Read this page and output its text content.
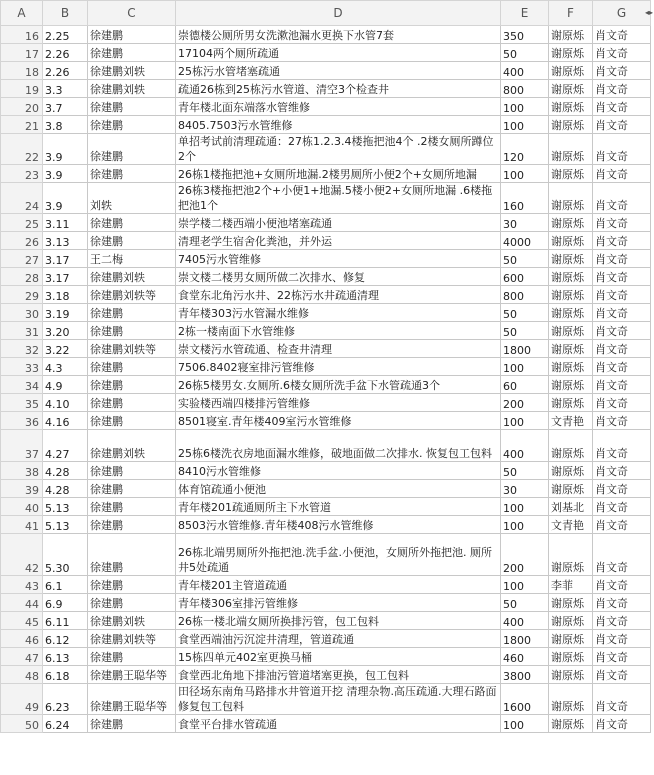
A	B	C	D	E	F	G
16	2.25	徐建鹏	崇德楼公厕所男女洗漱池漏水更换下水管7套	350	谢原烁	肖文奇
17	2.26	徐建鹏	17104两个厕所疏通	50	谢原烁	肖文奇
18	2.26	徐建鹏刘轶	25栋污水管堵塞疏通	400	谢原烁	肖文奇
19	3.3	徐建鹏刘轶	疏通26栋到25栋污水管道、清空3个检查井	800	谢原烁	肖文奇
20	3.7	徐建鹏	青年楼北面东端落水管维修	100	谢原烁	肖文奇
21	3.8	徐建鹏	8405.7503污水管维修	100	谢原烁	肖文奇
22	3.9	徐建鹏	单招考试前清理疏通：27栋1.2.3.4楼拖把池4个 .2楼女厕所蹲位2个	120	谢原烁	肖文奇
23	3.9	徐建鹏	26栋1楼拖把池+女厕所地漏.2楼男厕所小便2个+女厕所地漏	100	谢原烁	肖文奇
24	3.9	刘轶	26栋3楼拖把池2个+小便1+地漏.5楼小便2+女厕所地漏 .6楼拖把池1个	160	谢原烁	肖文奇
25	3.11	徐建鹏	崇学楼二楼西端小便池堵塞疏通	30	谢原烁	肖文奇
26	3.13	徐建鹏	清理老学生宿舍化粪池，并外运	4000	谢原烁	肖文奇
27	3.17	王二梅	7405污水管维修	50	谢原烁	肖文奇
28	3.17	徐建鹏刘轶	崇文楼二楼男女厕所做二次排水、修复	600	谢原烁	肖文奇
29	3.18	徐建鹏刘轶等	食堂东北角污水井、22栋污水井疏通清理	800	谢原烁	肖文奇
30	3.19	徐建鹏	青年楼303污水管漏水维修	50	谢原烁	肖文奇
31	3.20	徐建鹏	2栋一楼南面下水管维修	50	谢原烁	肖文奇
32	3.22	徐建鹏刘轶等	崇文楼污水管疏通、检查井清理	1800	谢原烁	肖文奇
33	4.3	徐建鹏	7506.8402寝室排污管维修	100	谢原烁	肖文奇
34	4.9	徐建鹏	26栋5楼男女.女厕所.6楼女厕所洗手盆下水管疏通3个	60	谢原烁	肖文奇
35	4.10	徐建鹏	实验楼西端四楼排污管维修	200	谢原烁	肖文奇
36	4.16	徐建鹏	8501寝室.青年楼409室污水管维修	100	文青艳	肖文奇
37	4.27	徐建鹏刘轶	25栋6楼洗衣房地面漏水维修，破地面做二次排水. 恢复包工包料	400	谢原烁	肖文奇
38	4.28	徐建鹏	8410污水管维修	50	谢原烁	肖文奇
39	4.28	徐建鹏	体育馆疏通小便池	30	谢原烁	肖文奇
40	5.13	徐建鹏	青年楼201疏通厕所主下水管道	100	刘基北	肖文奇
41	5.13	徐建鹏	8503污水管维修.青年楼408污水管维修	100	文青艳	肖文奇
42	5.30	徐建鹏	26栋北端男厕所外拖把池.洗手盆.小便池，女厕所外拖把池. 厕所井5处疏通	200	谢原烁	肖文奇
43	6.1	徐建鹏	青年楼201主管道疏通	100	李菲	肖文奇
44	6.9	徐建鹏	青年楼306室排污管维修	50	谢原烁	肖文奇
45	6.11	徐建鹏刘轶	26栋一楼北端女厕所换排污管，包工包料	400	谢原烁	肖文奇
46	6.12	徐建鹏刘轶等	食堂西端油污沉淀井清理，管道疏通	1800	谢原烁	肖文奇
47	6.13	徐建鹏	15栋四单元402室更换马桶	460	谢原烁	肖文奇
48	6.18	徐建鹏王聪华等	食堂西北角地下排油污管道堵塞更换，包工包料	3800	谢原烁	肖文奇
49	6.23	徐建鹏王聪华等	田径场东南角马路排水井管道开挖 清理杂物.高压疏通.大理石路面修复包工包料	1600	谢原烁	肖文奇
50	6.24	徐建鹏	食堂平台排水管疏通	100	谢原烁	肖文奇
◂▸
